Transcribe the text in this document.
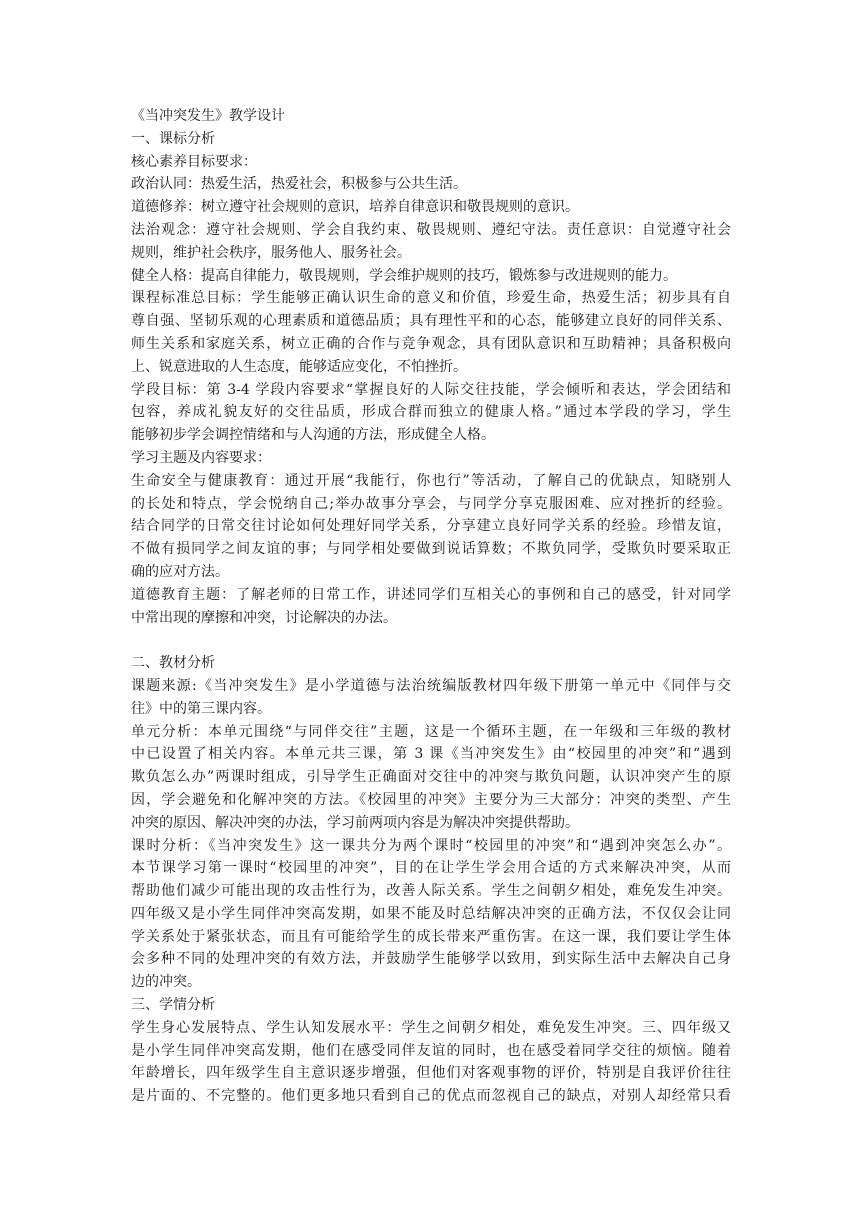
《当冲突发生》教学设计
一、课标分析
核心素养目标要求：
政治认同：热爱生活，热爱社会，积极参与公共生活。
道德修养：树立遵守社会规则的意识，培养自律意识和敬畏规则的意识。
法治观念：遵守社会规则、学会自我约束、敬畏规则、遵纪守法。责任意识：自觉遵守社会
规则，维护社会秩序，服务他人、服务社会。
健全人格：提高自律能力，敬畏规则，学会维护规则的技巧，锻炼参与改进规则的能力。
课程标准总目标：学生能够正确认识生命的意义和价值，珍爱生命，热爱生活；初步具有自
尊自强、坚韧乐观的心理素质和道德品质；具有理性平和的心态，能够建立良好的同伴关系、
师生关系和家庭关系，树立正确的合作与竞争观念，具有团队意识和互助精神；具备积极向
上、锐意进取的人生态度，能够适应变化，不怕挫折。
学段目标：第 3-4 学段内容要求“掌握良好的人际交往技能，学会倾听和表达，学会团结和
包容，养成礼貌友好的交往品质，形成合群而独立的健康人格。”通过本学段的学习，学生
能够初步学会调控情绪和与人沟通的方法，形成健全人格。
学习主题及内容要求：
生命安全与健康教育：通过开展“我能行，你也行”等活动，了解自己的优缺点，知晓别人
的长处和特点，学会悦纳自己;举办故事分享会，与同学分享克服困难、应对挫折的经验。
结合同学的日常交往讨论如何处理好同学关系，分享建立良好同学关系的经验。珍惜友谊，
不做有损同学之间友谊的事；与同学相处要做到说话算数；不欺负同学，受欺负时要采取正
确的应对方法。
道德教育主题：了解老师的日常工作，讲述同学们互相关心的事例和自己的感受，针对同学
中常出现的摩擦和冲突，讨论解决的办法。
二、教材分析
课题来源:《当冲突发生》是小学道德与法治统编版教材四年级下册第一单元中《同伴与交
往》中的第三课内容。
单元分析：本单元围绕“与同伴交往”主题，这是一个循环主题，在一年级和三年级的教材
中已设置了相关内容。本单元共三课，第 3 课《当冲突发生》由“校园里的冲突”和“遇到
欺负怎么办”两课时组成，引导学生正确面对交往中的冲突与欺负问题，认识冲突产生的原
因，学会避免和化解冲突的方法。《校园里的冲突》主要分为三大部分：冲突的类型、产生
冲突的原因、解决冲突的办法，学习前两项内容是为解决冲突提供帮助。
课时分析：《当冲突发生》这一课共分为两个课时“校园里的冲突”和“遇到冲突怎么办”。
本节课学习第一课时“校园里的冲突”，目的在让学生学会用合适的方式来解决冲突，从而
帮助他们减少可能出现的攻击性行为，改善人际关系。学生之间朝夕相处，难免发生冲突。
四年级又是小学生同伴冲突高发期，如果不能及时总结解决冲突的正确方法，不仅仅会让同
学关系处于紧张状态，而且有可能给学生的成长带来严重伤害。在这一课，我们要让学生体
会多种不同的处理冲突的有效方法，并鼓励学生能够学以致用，到实际生活中去解决自己身
边的冲突。
三、学情分析
学生身心发展特点、学生认知发展水平：学生之间朝夕相处，难免发生冲突。三、四年级又
是小学生同伴冲突高发期，他们在感受同伴友谊的同时，也在感受着同学交往的烦恼。随着
年龄增长，四年级学生自主意识逐步增强，但他们对客观事物的评价，特别是自我评价往往
是片面的、不完整的。他们更多地只看到自己的优点而忽视自己的缺点，对别人却经常只看
